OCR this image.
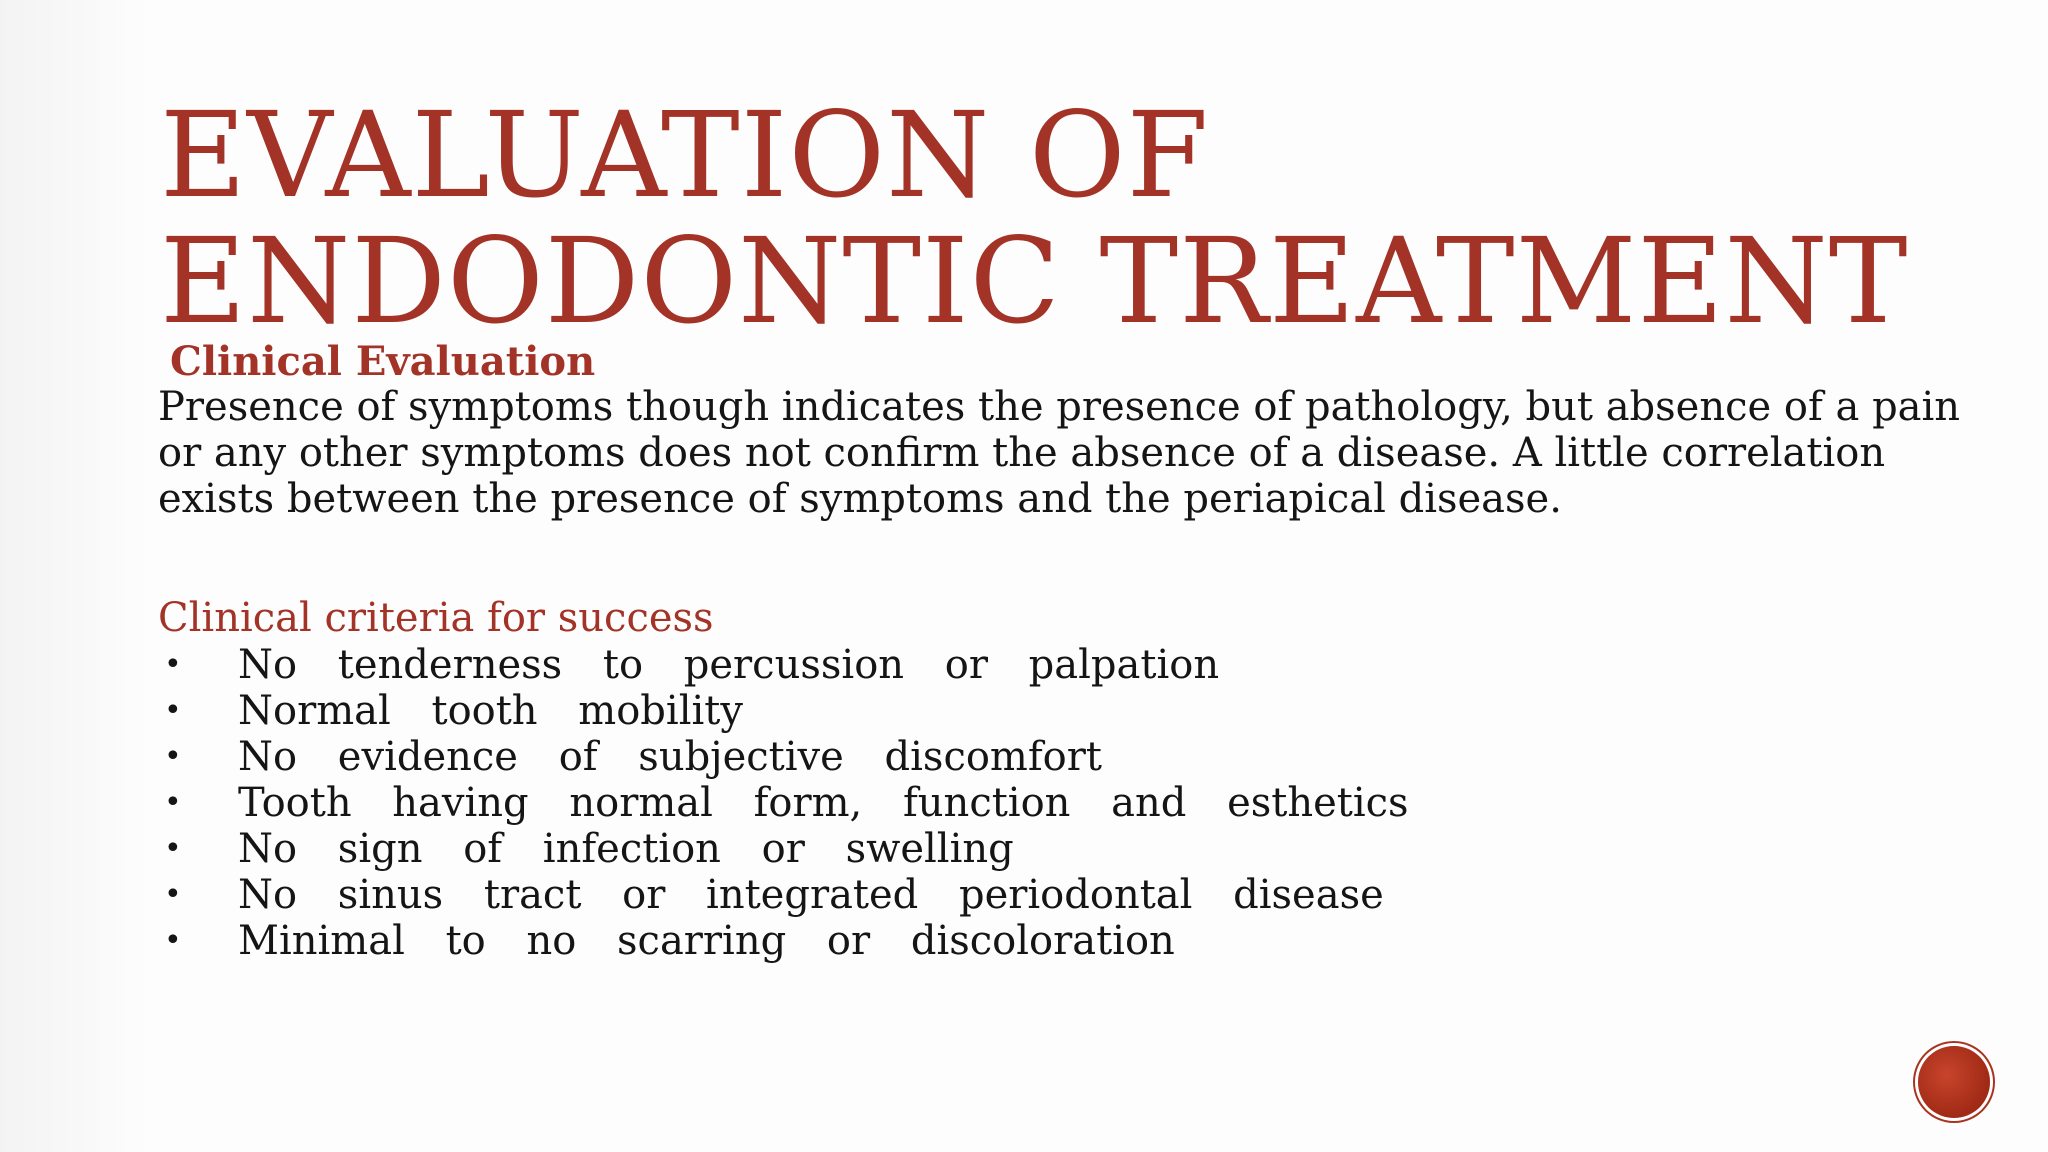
EVALUATION OF
ENDODONTIC TREATMENT
Clinical Evaluation
Presence of symptoms though indicates the presence of pathology, but absence of a pain
or any other symptoms does not confirm the absence of a disease. A little correlation
exists between the presence of symptoms and the periapical disease.
Clinical criteria for success
• No tenderness to percussion or palpation
• Normal tooth mobility
• No evidence of subjective discomfort
• Tooth having normal form, function and esthetics
• No sign of infection or swelling
• No sinus tract or integrated periodontal disease
• Minimal to no scarring or discoloration
